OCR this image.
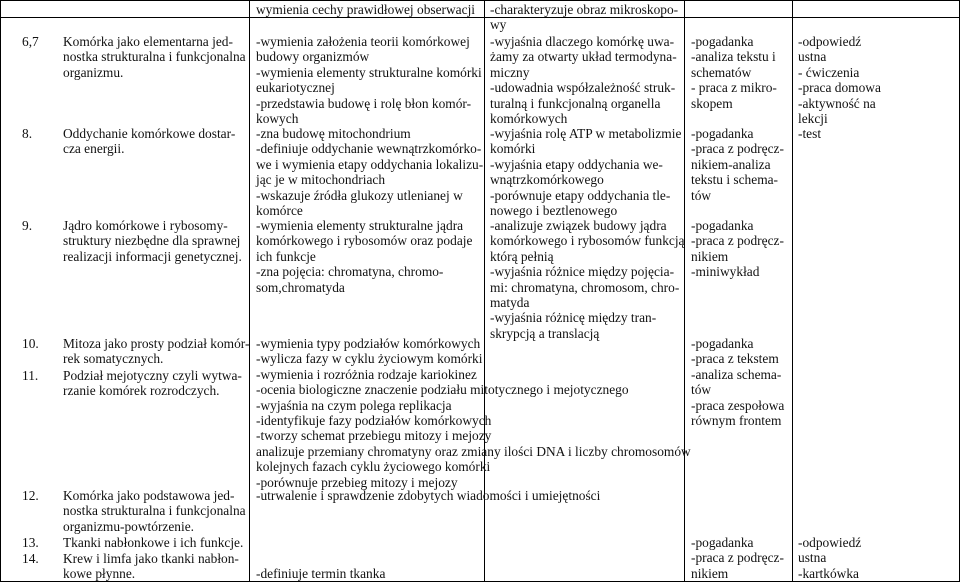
wymienia cechy prawidłowej obserwacji -charakteryzuje obraz mikroskopo-
wy
6,7 Komórka jako elementarna jed-
nostka strukturalna i funkcjonalna
organizmu.
-wymienia założenia teorii komórkowej
budowy organizmów
-wymienia elementy strukturalne komórki
eukariotycznej
-przedstawia budowę i rolę błon komór-
kowych
-wyjaśnia dlaczego komórkę uwa-
żamy za otwarty układ termodyna-
miczny
-udowadnia współzależność struk-
turalną i funkcjonalną organella
komórkowych
-pogadanka
-analiza tekstu i
schematów
- praca z mikro-
skopem
-odpowiedź
ustna
- ćwiczenia
-praca domowa
-aktywność na
lekcji
8. Oddychanie komórkowe dostar-
cza energii.
-zna budowę mitochondrium
-definiuje oddychanie wewnątrzkomórko-
we i wymienia etapy oddychania lokalizu-
jąc je w mitochondriach
-wskazuje źródła glukozy utlenianej w
komórce
-wyjaśnia rolę ATP w metabolizmie
komórki
-wyjaśnia etapy oddychania we-
wnątrzkomórkowego
-porównuje etapy oddychania tle-
nowego i beztlenowego
-pogadanka
-praca z podręcz-
nikiem-analiza
tekstu i schema-
tów
-test
9. Jądro komórkowe i rybosomy-
struktury niezbędne dla sprawnej
realizacji informacji genetycznej.
-wymienia elementy strukturalne jądra
komórkowego i rybosomów oraz podaje
ich funkcje
-zna pojęcia: chromatyna, chromo-
som,chromatyda
-analizuje związek budowy jądra
komórkowego i rybosomów funkcją
którą pełnią
-wyjaśnia różnice między pojęcia-
mi: chromatyna, chromosom, chro-
matyda
-wyjaśnia różnicę między tran-
skrypcją a translacją
-pogadanka
-praca z podręcz-
nikiem
-miniwykład
10. Mitoza jako prosty podział komór-
rek somatycznych.
11. Podział mejotyczny czyli wytwa-
rzanie komórek rozrodczych.
-wymienia typy podziałów komórkowych
-wylicza fazy w cyklu życiowym komórki
-wymienia i rozróżnia rodzaje kariokinez
-ocenia biologiczne znaczenie podziału mitotycznego i mejotycznego
-wyjaśnia na czym polega replikacja
-identyfikuje fazy podziałów komórkowych
-tworzy schemat przebiegu mitozy i mejozy
analizuje przemiany chromatyny oraz zmiany ilości DNA i liczby chromosomów
kolejnych fazach cyklu życiowego komórki
-porównuje przebieg mitozy i mejozy
-pogadanka
-praca z tekstem
-analiza schema-
tów
-praca zespołowa
równym frontem
12. Komórka jako podstawowa jed-
nostka strukturalna i funkcjonalna
organizmu-powtórzenie.
-utrwalenie i sprawdzenie zdobytych wiadomości i umiejętności
13. Tkanki nabłonkowe i ich funkcje.
14. Krew i limfa jako tkanki nabłon-
kowe płynne.	-definiuje termin tkanka
-pogadanka
-praca z podręcz-
nikiem
-odpowiedź
ustna
-kartkówka
